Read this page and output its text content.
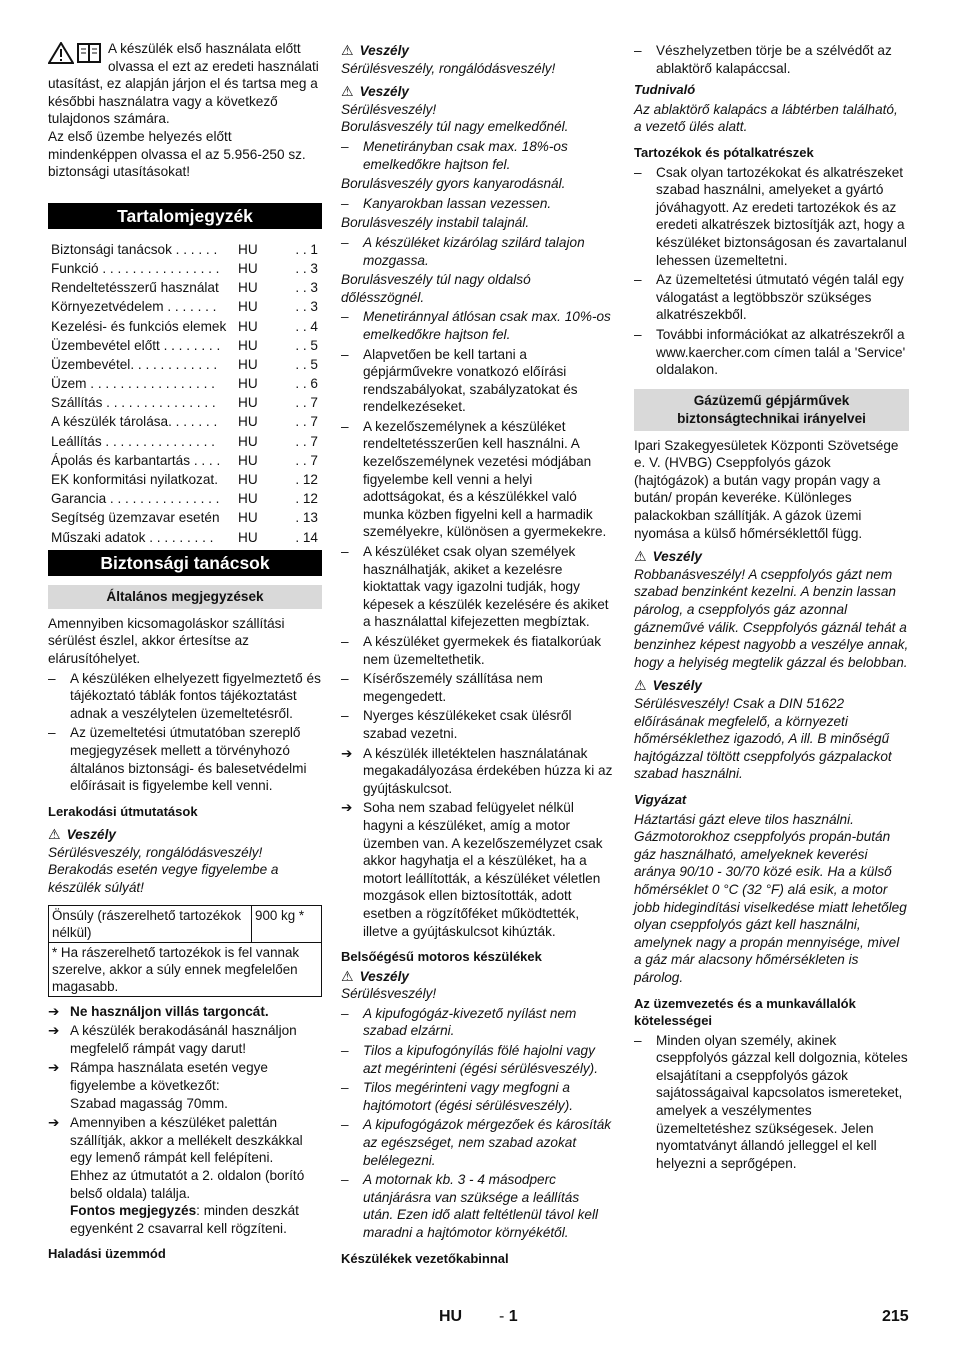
A készülék első használata előtt olvassa el ezt az eredeti használati utasítást, ez alapján járjon el és tartsa meg a későbbi használatra vagy a következő tulajdonos számára.

Az első üzembe helyezés előtt mindenképpen olvassa el az 5.956-250 sz. biztonsági utasításokat!

Tartalomjegyzék
Biztonsági tanácsok . . . . . .	HU	. . 1
Funkció . . . . . . . . . . . . . . . .	HU	. . 3
Rendeltetésszerű használat	HU	. . 3
Környezetvédelem . . . . . . .	HU	. . 3
Kezelési- és funkciós elemek	HU	. . 4
Üzembevétel előtt . . . . . . . .	HU	. . 5
Üzembevétel. . . . . . . . . . . .	HU	. . 5
Üzem . . . . . . . . . . . . . . . . .	HU	. . 6
Szállítás . . . . . . . . . . . . . . .	HU	. . 7
A készülék tárolása. . . . . . .	HU	. . 7
Leállítás . . . . . . . . . . . . . . .	HU	. . 7
Ápolás és karbantartás . . . .	HU	. . 7
EK konformitási nyilatkozat.	HU	. 12
Garancia . . . . . . . . . . . . . . .	HU	. 12
Segítség üzemzavar esetén	HU	. 13
Műszaki adatok . . . . . . . . .	HU	. 14
Biztonsági tanácsok
Általános megjegyzések

Amennyiben kicsomagoláskor szállítási sérülést észlel, akkor értesítse az elárusítóhelyet.

– A készüléken elhelyezett figyelmeztető és tájékoztató táblák fontos tájékoztatást adnak a veszélytelen üzemeltetésről.
– Az üzemeltetési útmutatóban szereplő megjegyzések mellett a törvényhozó általános biztonsági- és balesetvédelmi előírásait is figyelembe kell venni.
Lerakodási útmutatások
⚠ Veszély

Sérülésveszély, rongálódásveszély!

Berakodás esetén vegye figyelembe a készülék súlyát!

Önsúly (rászerelhető tartozékok nélkül)	900 kg *
* Ha rászerelhető tartozékok is fel vannak szerelve, akkor a súly ennek megfelelően magasabb.
➔ Ne használjon villás targoncát.
➔ A készülék berakodásánál használjon megfelelő rámpát vagy darut!
➔ Rámpa használata esetén vegye figyelembe a következőt:

Szabad magasság 70mm.

➔ Amennyiben a készüléket palettán szállítják, akkor a mellékelt deszkákkal egy lemenő rámpát kell felépíteni.

Ehhez az útmutatót a 2. oldalon (borító belső oldala) találja.

Fontos megjegyzés: minden deszkát egyenként 2 csavarral kell rögzíteni.

Haladási üzemmód
⚠ Veszély

Sérülésveszély, rongálódásveszély!

⚠ Veszély

Sérülésveszély!

Borulásveszély túl nagy emelkedőnél.

– Menetirányban csak max. 18%-os emelkedőkre hajtson fel.

Borulásveszély gyors kanyarodásnál.

– Kanyarokban lassan vezessen.

Borulásveszély instabil talajnál.

– A készüléket kizárólag szilárd talajon mozgassa.

Borulásveszély túl nagy oldalsó dőlésszögnél.

– Menetiránnyal átlósan csak max. 10%-os emelkedőkre hajtson fel.
– Alapvetően be kell tartani a gépjárművekre vonatkozó előírási rendszabályokat, szabályzatokat és rendelkezéseket.
– A kezelőszemélynek a készüléket rendeltetésszerűen kell használni. A kezelőszemélynek vezetési módjában figyelembe kell venni a helyi adottságokat, és a készülékkel való munka közben figyelni kell a harmadik személyekre, különösen a gyermekekre.
– A készüléket csak olyan személyek használhatják, akiket a kezelésre kioktattak vagy igazolni tudják, hogy képesek a készülék kezelésére és akiket a használattal kifejezetten megbíztak.
– A készüléket gyermekek és fiatalkorúak nem üzemeltethetik.
– Kísérőszemély szállítása nem megengedett.
– Nyerges készülékeket csak ülésről szabad vezetni.
➔ A készülék illetéktelen használatának megakadályozása érdekében húzza ki az gyújtáskulcsot.
➔ Soha nem szabad felügyelet nélkül hagyni a készüléket, amíg a motor üzemben van. A kezelőszemélyzet csak akkor hagyhatja el a készüléket, ha a motort leállították, a készüléket véletlen mozgások ellen biztosították, adott esetben a rögzítőféket működtették, illetve a gyújtáskulcsot kihúzták.
Belsőégésű motoros készülékek
⚠ Veszély

Sérülésveszély!

– A kipufogógáz-kivezető nyílást nem szabad elzárni.
– Tilos a kipufogónyílás fölé hajolni vagy azt megérinteni (égési sérülésveszély).
– Tilos megérinteni vagy megfogni a hajtómotort (égési sérülésveszély).
– A kipufogógázok mérgezőek és károsíták az egészséget, nem szabad azokat belélegezni.
– A motornak kb. 3 - 4 másodperc utánjárásra van szüksége a leállítás után. Ezen idő alatt feltétlenül távol kell maradni a hajtómotor környékétől.
Készülékek vezetőkabinnal
– Vészhelyzetben törje be a szélvédőt az ablaktörő kalapáccsal.
Tudnivaló

Az ablaktörő kalapács a lábtérben található, a vezető ülés alatt.

Tartozékok és pótalkatrészek
– Csak olyan tartozékokat és alkatrészeket szabad használni, amelyeket a gyártó jóváhagyott. Az eredeti tartozékok és az eredeti alkatrészek biztosítják azt, hogy a készüléket biztonságosan és zavartalanul lehessen üzemeltetni.
– Az üzemeltetési útmutató végén talál egy válogatást a legtöbbször szükséges alkatrészekből.
– További információkat az alkatrészekről a www.kaercher.com címen talál a 'Service' oldalakon.
Gázüzemű gépjárművek biztonságtechnikai irányelvei

Ipari Szakegyesületek Központi Szövetsége e. V. (HVBG) Cseppfolyós gázok (hajtógázok) a bután vagy propán vagy a bután/ propán keveréke. Különleges palackokban szállítják. A gázok üzemi nyomása a külső hőmérséklettől függ.

⚠ Veszély

Robbanásveszély! A cseppfolyós gázt nem szabad benzinként kezelni. A benzin lassan párolog, a cseppfolyós gáz azonnal gázneművé válik. Cseppfolyós gáznál tehát a benzinhez képest nagyobb a veszélye annak, hogy a helyiség megtelik gázzal és belobban.

⚠ Veszély

Sérülésveszély! Csak a DIN 51622 előírásának megfelelő, a környezeti hőmérséklethez igazodó, A ill. B minőségű hajtógázzal töltött cseppfolyós gázpalackot szabad használni.

Vigyázat

Háztartási gázt eleve tilos használni. Gázmotorokhoz cseppfolyós propán-bután gáz használható, amelyeknek keverési aránya 90/10 - 30/70 közé esik. Ha a külső hőmérséklet 0 °C (32 °F) alá esik, a motor jobb hidegindítási viselkedése miatt lehetőleg olyan cseppfolyós gázt kell használni, amelynek nagy a propán mennyisége, mivel a gáz már alacsony hőmérsékleten is párolog.

Az üzemvezetés és a munkavállalók kötelességei
– Minden olyan személy, akinek cseppfolyós gázzal kell dolgoznia, köteles elsajátítani a cseppfolyós gázok sajátosságaival kapcsolatos ismereteket, amelyek a veszélymentes üzemeltetéshez szükségesek. Jelen nyomtatványt állandó jelleggel el kell helyezni a seprőgépen.
HU - 1	215
